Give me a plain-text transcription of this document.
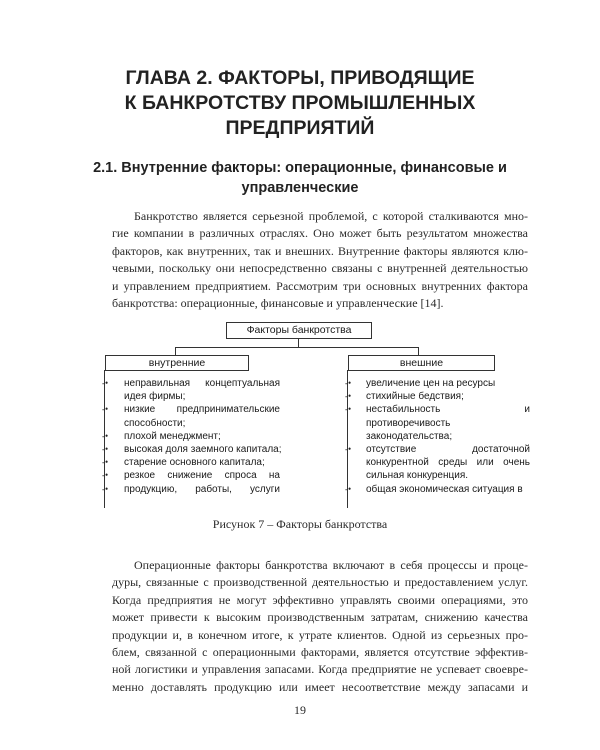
ГЛАВА 2. ФАКТОРЫ, ПРИВОДЯЩИЕ
К БАНКРОТСТВУ ПРОМЫШЛЕННЫХ
ПРЕДПРИЯТИЙ
2.1. Внутренние факторы: операционные, финансовые и
управленческие
Банкротство является серьезной проблемой, с которой сталкиваются мно-
гие компании в различных отраслях. Оно может быть результатом множества
факторов, как внутренних, так и внешних. Внутренние факторы являются клю-
чевыми, поскольку они непосредственно связаны с внутренней деятельностью
и управлением предприятием. Рассмотрим три основных внутренних фактора
банкротства: операционные, финансовые и управленческие [14].
Факторы банкротства
внутренние	внешние
-•
-•
-•
-•
-•
-•
-•
неправильная концептуальная
идея фирмы;
низкие предпринимательские
способности;
плохой менеджмент;
высокая доля заемного капитала;
старение основного капитала;
резкое снижение спроса на
продукцию, работы, услуги
-•
-•
-•
-•
-•
увеличение цен на ресурсы
стихийные бедствия;
нестабильность и
противоречивость
законодательства;
отсутствие достаточной
конкурентной среды или очень
сильная конкуренция.
общая экономическая ситуация в
Рисунок 7 – Факторы банкротства
Операционные факторы банкротства включают в себя процессы и проце-
дуры, связанные с производственной деятельностью и предоставлением услуг.
Когда предприятия не могут эффективно управлять своими операциями, это
может привести к высоким производственным затратам, снижению качества
продукции и, в конечном итоге, к утрате клиентов. Одной из серьезных про-
блем, связанной с операционными факторами, является отсутствие эффектив-
ной логистики и управления запасами. Когда предприятие не успевает своевре-
менно доставлять продукцию или имеет несоответствие между запасами и
19
